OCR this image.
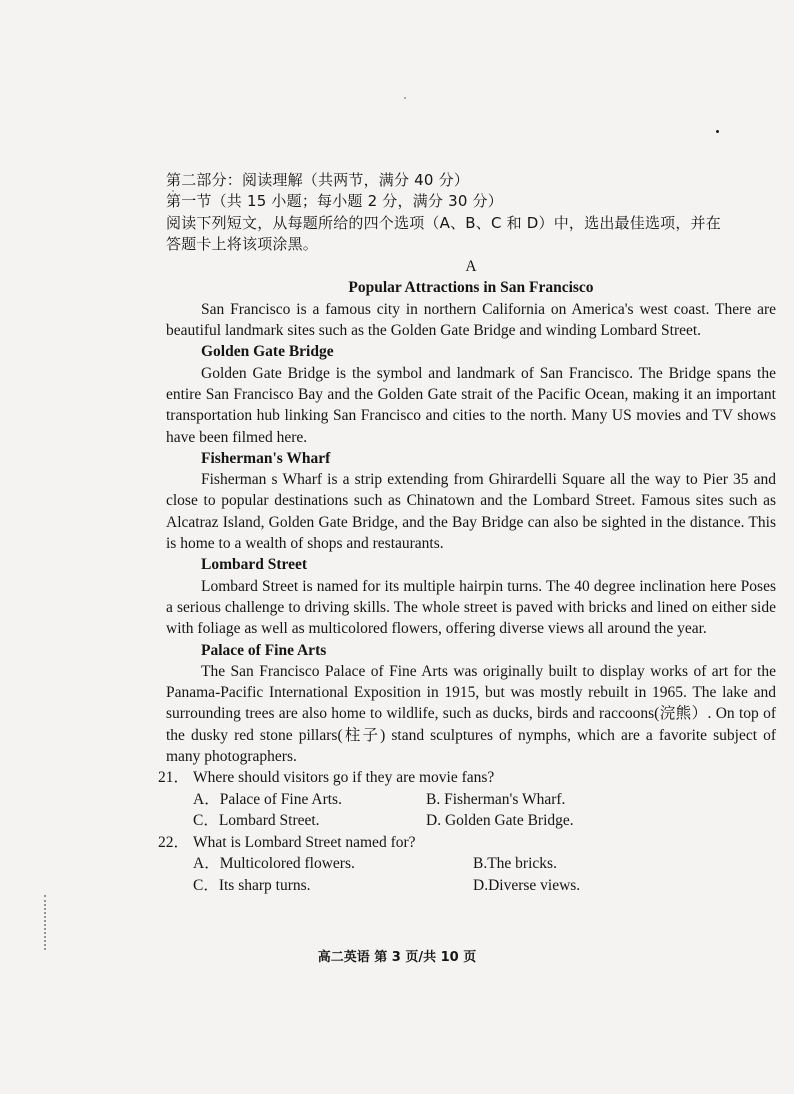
第二部分：阅读理解（共两节，满分 40 分）

第一节（共 15 小题；每小题 2 分，满分 30 分）

阅读下列短文，从每题所给的四个选项（A、B、C 和 D）中，选出最佳选项，并在

答题卡上将该项涂黑。

A

Popular Attractions in San Francisco

San Francisco is a famous city in northern California on America's west coast. There are beautiful landmark sites such as the Golden Gate Bridge and winding Lombard Street.

Golden Gate Bridge

Golden Gate Bridge is the symbol and landmark of San Francisco. The Bridge spans the entire San Francisco Bay and the Golden Gate strait of the Pacific Ocean, making it an important transportation hub linking San Francisco and cities to the north. Many US movies and TV shows have been filmed here.

Fisherman's Wharf

Fisherman s Wharf is a strip extending from Ghirardelli Square all the way to Pier 35 and close to popular destinations such as Chinatown and the Lombard Street. Famous sites such as Alcatraz Island, Golden Gate Bridge, and the Bay Bridge can also be sighted in the distance. This is home to a wealth of shops and restaurants.

Lombard Street

Lombard Street is named for its multiple hairpin turns. The 40 degree inclination here Poses a serious challenge to driving skills. The whole street is paved with bricks and lined on either side with foliage as well as multicolored flowers, offering diverse views all around the year.

Palace of Fine Arts

The San Francisco Palace of Fine Arts was originally built to display works of art for the Panama-Pacific International Exposition in 1915, but was mostly rebuilt in 1965. The lake and surrounding trees are also home to wildlife, such as ducks, birds and raccoons(浣熊）. On top of the dusky red stone pillars(柱子) stand sculptures of nymphs, which are a favorite subject of many photographers.

21． Where should visitors go if they are movie fans?
A．Palace of Fine Arts.	B. Fisherman's Wharf.
C．Lombard Street.	D. Golden Gate Bridge.
22． What is Lombard Street named for?
A．Multicolored flowers.	B.The bricks.
C．Its sharp turns.	D.Diverse views.
高二英语 第 3 页/共 10 页
